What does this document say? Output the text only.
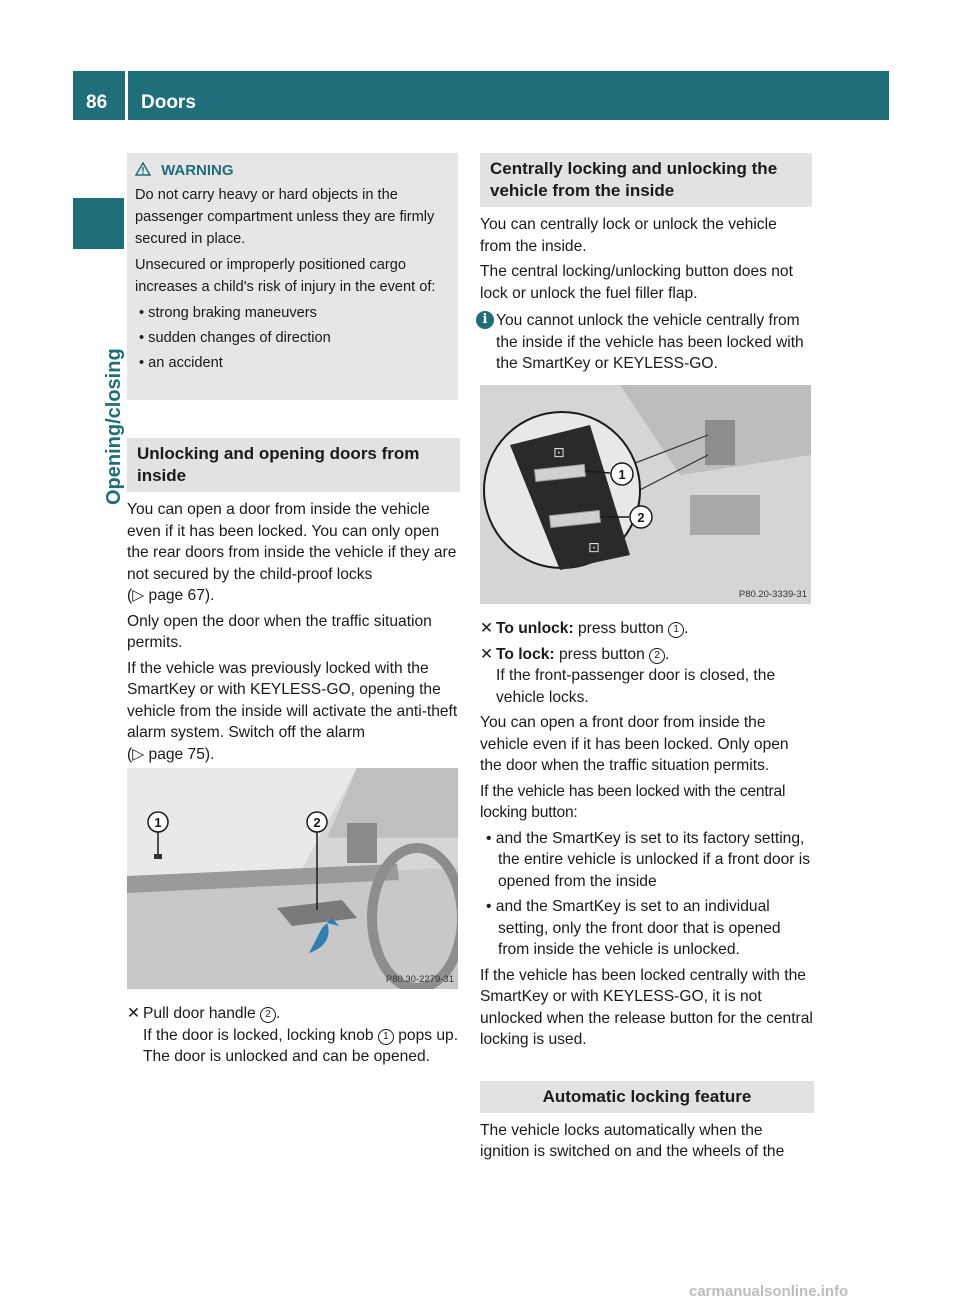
86 Doors
Opening/closing
WARNING

Do not carry heavy or hard objects in the passenger compartment unless they are firmly secured in place.

Unsecured or improperly positioned cargo increases a child's risk of injury in the event of:

• strong braking maneuvers
• sudden changes of direction
• an accident
Unlocking and opening doors from inside

You can open a door from inside the vehicle even if it has been locked. You can only open the rear doors from inside the vehicle if they are not secured by the child-proof locks
(▷ page 67).

Only open the door when the traffic situation permits.

If the vehicle was previously locked with the SmartKey or with KEYLESS-GO, opening the vehicle from the inside will activate the anti-theft alarm system. Switch off the alarm
(▷ page 75).

1	2
P80.30-2279-31
✕ Pull door handle 2 .
If the door is locked, locking knob 1 pops up. The door is unlocked and can be opened.
Centrally locking and unlocking the vehicle from the inside

You can centrally lock or unlock the vehicle from the inside.

The central locking/unlocking button does not lock or unlock the fuel filler flap.

i You cannot unlock the vehicle centrally from the inside if the vehicle has been locked with the SmartKey or KEYLESS-GO.
⊡
⊡
1
2
P80.20-3339-31
✕ To unlock: press button 1 .
✕ To lock: press button 2 .
If the front-passenger door is closed, the vehicle locks.

You can open a front door from inside the vehicle even if it has been locked. Only open the door when the traffic situation permits.

If the vehicle has been locked with the central locking button:

• and the SmartKey is set to its factory setting, the entire vehicle is unlocked if a front door is opened from the inside
• and the SmartKey is set to an individual setting, only the front door that is opened from inside the vehicle is unlocked.

If the vehicle has been locked centrally with the SmartKey or with KEYLESS-GO, it is not unlocked when the release button for the central locking is used.

Automatic locking feature

The vehicle locks automatically when the ignition is switched on and the wheels of the

carmanualsonline.info
